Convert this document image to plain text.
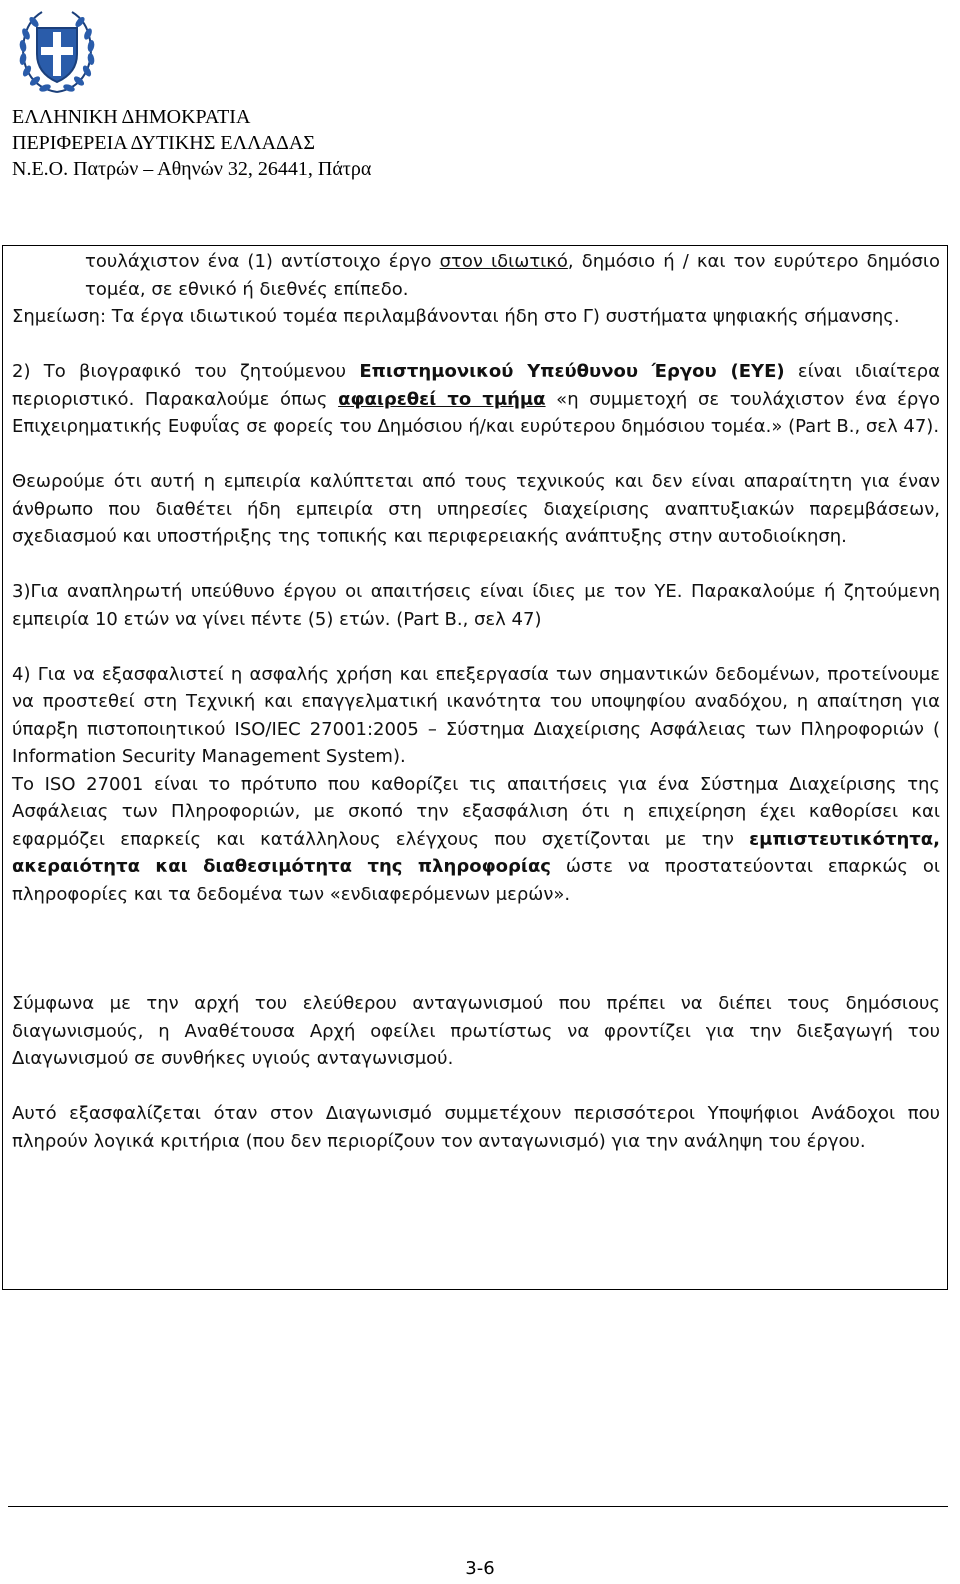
ΕΛΛΗΝΙΚΗ ΔΗΜΟΚΡΑΤΙΑ
ΠΕΡΙΦΕΡΕΙΑ ΔΥΤΙΚΗΣ ΕΛΛΑΔΑΣ
Ν.Ε.Ο. Πατρών – Αθηνών 32, 26441, Πάτρα

τουλάχιστον ένα (1) αντίστοιχο έργο στον ιδιωτικό, δημόσιο ή / και τον ευρύτερο δημόσιο τομέα, σε εθνικό ή διεθνές επίπεδο.

Σημείωση: Τα έργα ιδιωτικού τομέα περιλαμβάνονται ήδη στο Γ) συστήματα ψηφιακής σήμανσης.

2) Το βιογραφικό του ζητούμενου Επιστημονικού Υπεύθυνου Έργου (ΕΥΕ) είναι ιδιαίτερα περιοριστικό. Παρακαλούμε όπως αφαιρεθεί το τμήμα «η συμμετοχή σε τουλάχιστον ένα έργο Επιχειρηματικής Ευφυΐας σε φορείς του Δημόσιου ή/και ευρύτερου δημόσιου τομέα.» (Part B., σελ 47).

Θεωρούμε ότι αυτή η εμπειρία καλύπτεται από τους τεχνικούς και δεν είναι απαραίτητη για έναν άνθρωπο που διαθέτει ήδη εμπειρία στη υπηρεσίες διαχείρισης αναπτυξιακών παρεμβάσεων, σχεδιασμού και υποστήριξης της τοπικής και περιφερειακής ανάπτυξης στην αυτοδιοίκηση.

3)Για αναπληρωτή υπεύθυνο έργου οι απαιτήσεις είναι ίδιες με τον ΥΕ. Παρακαλούμε ή ζητούμενη εμπειρία 10 ετών να γίνει πέντε (5) ετών. (Part B., σελ 47)

4) Για να εξασφαλιστεί η ασφαλής χρήση και επεξεργασία των σημαντικών δεδομένων, προτείνουμε να προστεθεί στη Τεχνική και επαγγελματική ικανότητα του υποψηφίου αναδόχου, η απαίτηση για ύπαρξη πιστοποιητικού ISO/IEC 27001:2005 – Σύστημα Διαχείρισης Ασφάλειας των Πληροφοριών ( Information Security Management System).

Το ISO 27001 είναι το πρότυπο που καθορίζει τις απαιτήσεις για ένα Σύστημα Διαχείρισης της Ασφάλειας των Πληροφοριών, με σκοπό την εξασφάλιση ότι η επιχείρηση έχει καθορίσει και εφαρμόζει επαρκείς και κατάλληλους ελέγχους που σχετίζονται με την εμπιστευτικότητα, ακεραιότητα και διαθεσιμότητα της πληροφορίας ώστε να προστατεύονται επαρκώς οι πληροφορίες και τα δεδομένα των «ενδιαφερόμενων μερών».

Σύμφωνα με την αρχή του ελεύθερου ανταγωνισμού που πρέπει να διέπει τους δημόσιους διαγωνισμούς, η Αναθέτουσα Αρχή οφείλει πρωτίστως να φροντίζει για την διεξαγωγή του Διαγωνισμού σε συνθήκες υγιούς ανταγωνισμού.

Αυτό εξασφαλίζεται όταν στον Διαγωνισμό συμμετέχουν περισσότεροι Υποψήφιοι Ανάδοχοι που πληρούν λογικά κριτήρια (που δεν περιορίζουν τον ανταγωνισμό) για την ανάληψη του έργου.

3-6
